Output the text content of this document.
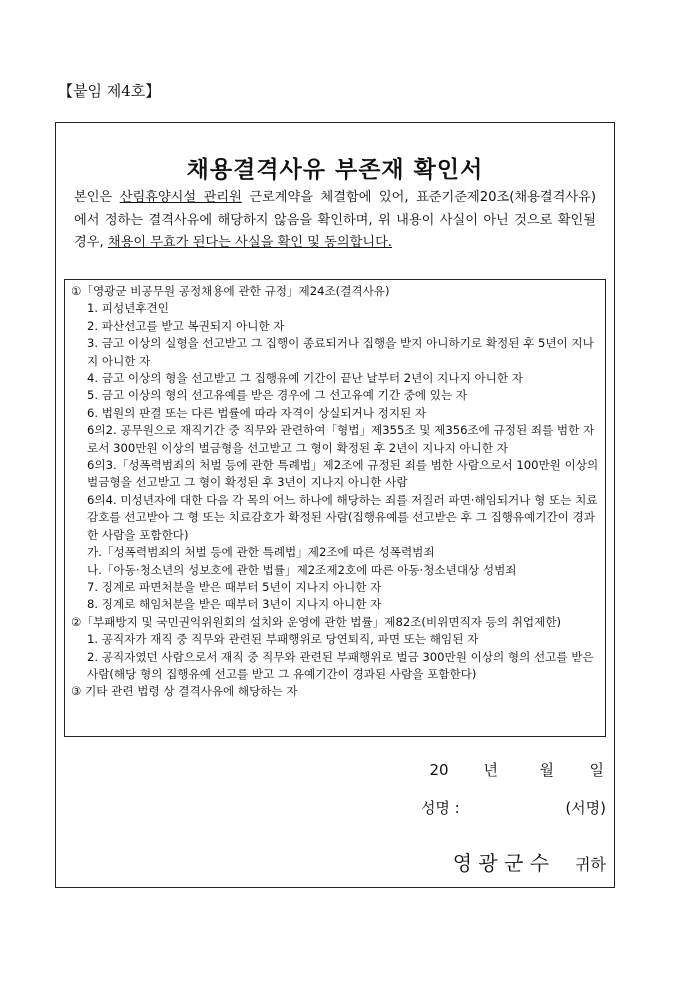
【붙임 제4호】
채용결격사유 부존재 확인서
본인은 산림휴양시설 관리원 근로계약을 체결함에 있어, 표준기준제20조(채용결격사유)에서 정하는 결격사유에 해당하지 않음을 확인하며, 위 내용이 사실이 아닌 것으로 확인될 경우, 채용이 무효가 된다는 사실을 확인 및 동의합니다.
①「영광군 비공무원 공정채용에 관한 규정」제24조(결격사유)
1. 피성년후견인
2. 파산선고를 받고 복권되지 아니한 자
3. 금고 이상의 실형을 선고받고 그 집행이 종료되거나 집행을 받지 아니하기로 확정된 후 5년이 지나지 아니한 자
4. 금고 이상의 형을 선고받고 그 집행유예 기간이 끝난 날부터 2년이 지나지 아니한 자
5. 금고 이상의 형의 선고유예를 받은 경우에 그 선고유예 기간 중에 있는 자
6. 법원의 판결 또는 다른 법률에 따라 자격이 상실되거나 정지된 자
6의2. 공무원으로 재직기간 중 직무와 관련하여「형법」제355조 및 제356조에 규정된 죄를 범한 자로서 300만원 이상의 벌금형을 선고받고 그 형이 확정된 후 2년이 지나지 아니한 자
6의3.「성폭력범죄의 처벌 등에 관한 특례법」제2조에 규정된 죄를 범한 사람으로서 100만원 이상의 벌금형을 선고받고 그 형이 확정된 후 3년이 지나지 아니한 사람
6의4. 미성년자에 대한 다음 각 목의 어느 하나에 해당하는 죄를 저질러 파면·해임되거나 형 또는 치료감호를 선고받아 그 형 또는 치료감호가 확정된 사람(집행유예를 선고받은 후 그 집행유예기간이 경과한 사람을 포함한다)
가.「성폭력범죄의 처벌 등에 관한 특례법」제2조에 따른 성폭력범죄
나.「아동·청소년의 성보호에 관한 법률」제2조제2호에 따른 아동·청소년대상 성범죄
7. 징계로 파면처분을 받은 때부터 5년이 지나지 아니한 자
8. 징계로 해임처분을 받은 때부터 3년이 지나지 아니한 자
②「부패방지 및 국민권익위원회의 설치와 운영에 관한 법률」제82조(비위면직자 등의 취업제한)
1. 공직자가 재직 중 직무와 관련된 부패행위로 당연퇴직, 파면 또는 해임된 자
2. 공직자였던 사람으로서 재직 중 직무와 관련된 부패행위로 벌금 300만원 이상의 형의 선고를 받은 사람(해당 형의 집행유예 선고를 받고 그 유예기간이 경과된 사람을 포함한다)
③ 기타 관련 법령 상 결격사유에 해당하는 자
20 년	월 일
성명 :	(서명)
영 광 군 수 귀하
